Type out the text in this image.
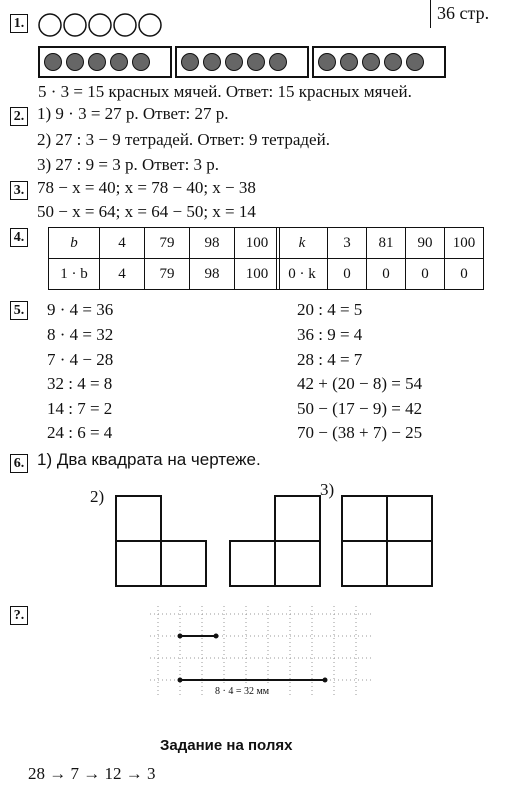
36 стр.
1.
5 · 3 = 15 красных мячей. Ответ: 15 красных мячей.
2. 1) 9 · 3 = 27 р. Ответ: 27 р.
2) 27 : 3 − 9 тетрадей. Ответ: 9 тетрадей.
3) 27 : 9 = 3 р. Ответ: 3 р.
3. 78 − x = 40; x = 78 − 40; x − 38
50 − x = 64; x = 64 − 50; x = 14
4.	b	4	79	98	100
1 · b	4	79	98	100
k	3	81	90	100
0 · k	0	0	0	0
5. 9 · 4 = 36
8 · 4 = 32
7 · 4 − 28
32 : 4 = 8
14 : 7 = 2
24 : 6 = 4
20 : 4 = 5
36 : 9 = 4
28 : 4 = 7
42 + (20 − 8) = 54
50 − (17 − 9) = 42
70 − (38 + 7) − 25
6. 1) Два квадрата на чертеже.
2)	3)
?.
8 · 4 = 32 мм
Задание на полях
28 → 7 → 12 → 3
